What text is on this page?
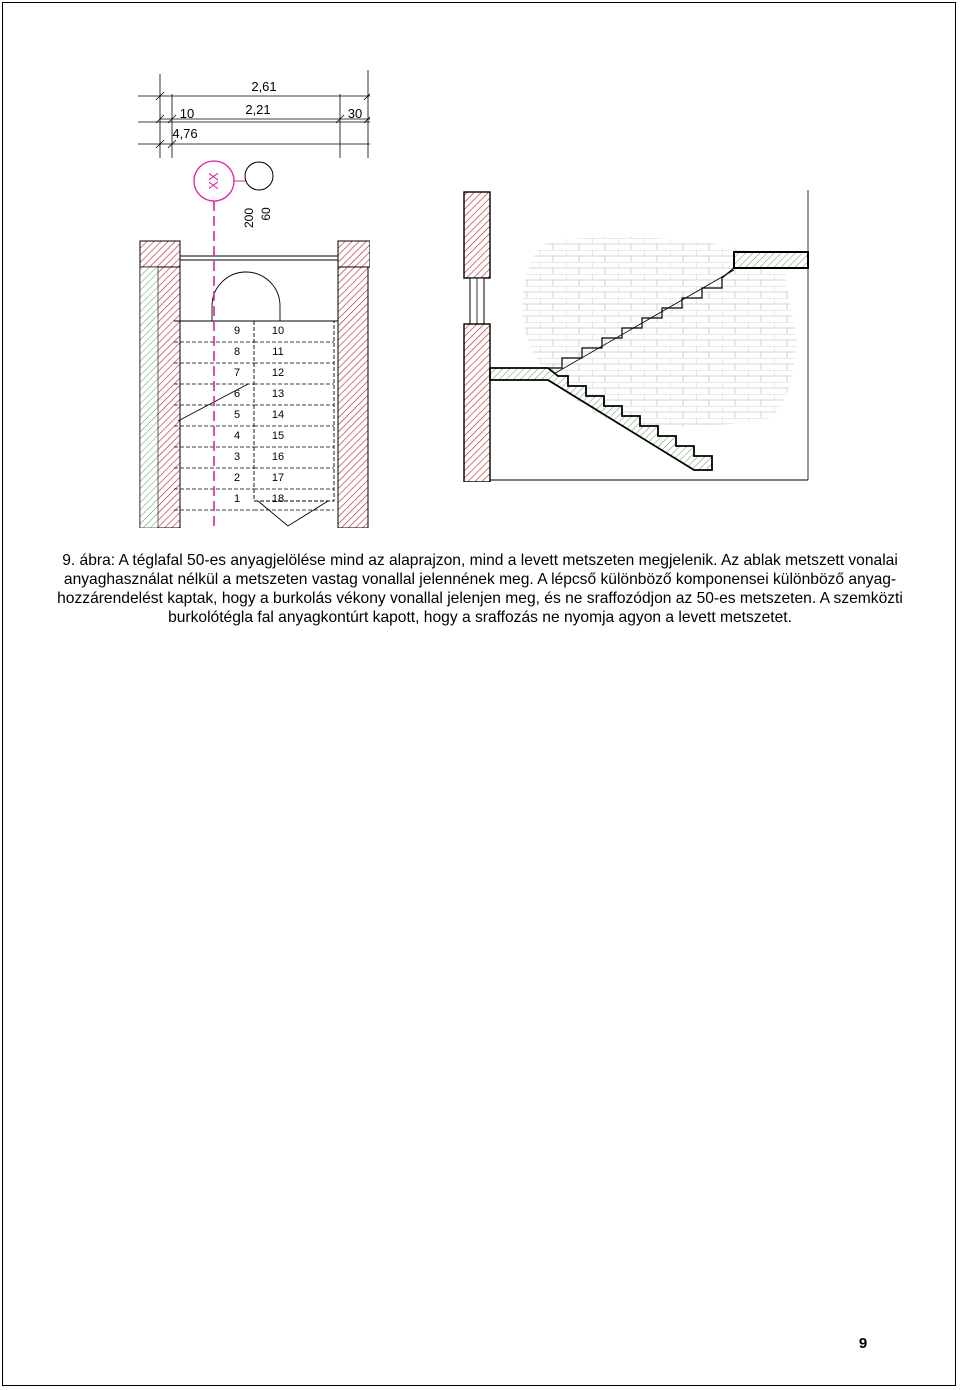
2,61
2,21
10	30
4,76
XX
200 60
9
8
7
6
5
4
3
2
1
10
11
12
13
14
15
16
17
18

9. ábra: A téglafal 50-es anyagjelölése mind az alaprajzon, mind a levett metszeten megjelenik. Az ablak metszett vonalai anyaghasználat nélkül a metszeten vastag vonallal jelennének meg. A lépcső különböző komponensei különböző anyag-hozzárendelést kaptak, hogy a burkolás vékony vonallal jelenjen meg, és ne sraffozódjon az 50-es metszeten. A szemközti burkolótégla fal anyagkontúrt kapott, hogy a sraffozás ne nyomja agyon a levett metszetet.

9
